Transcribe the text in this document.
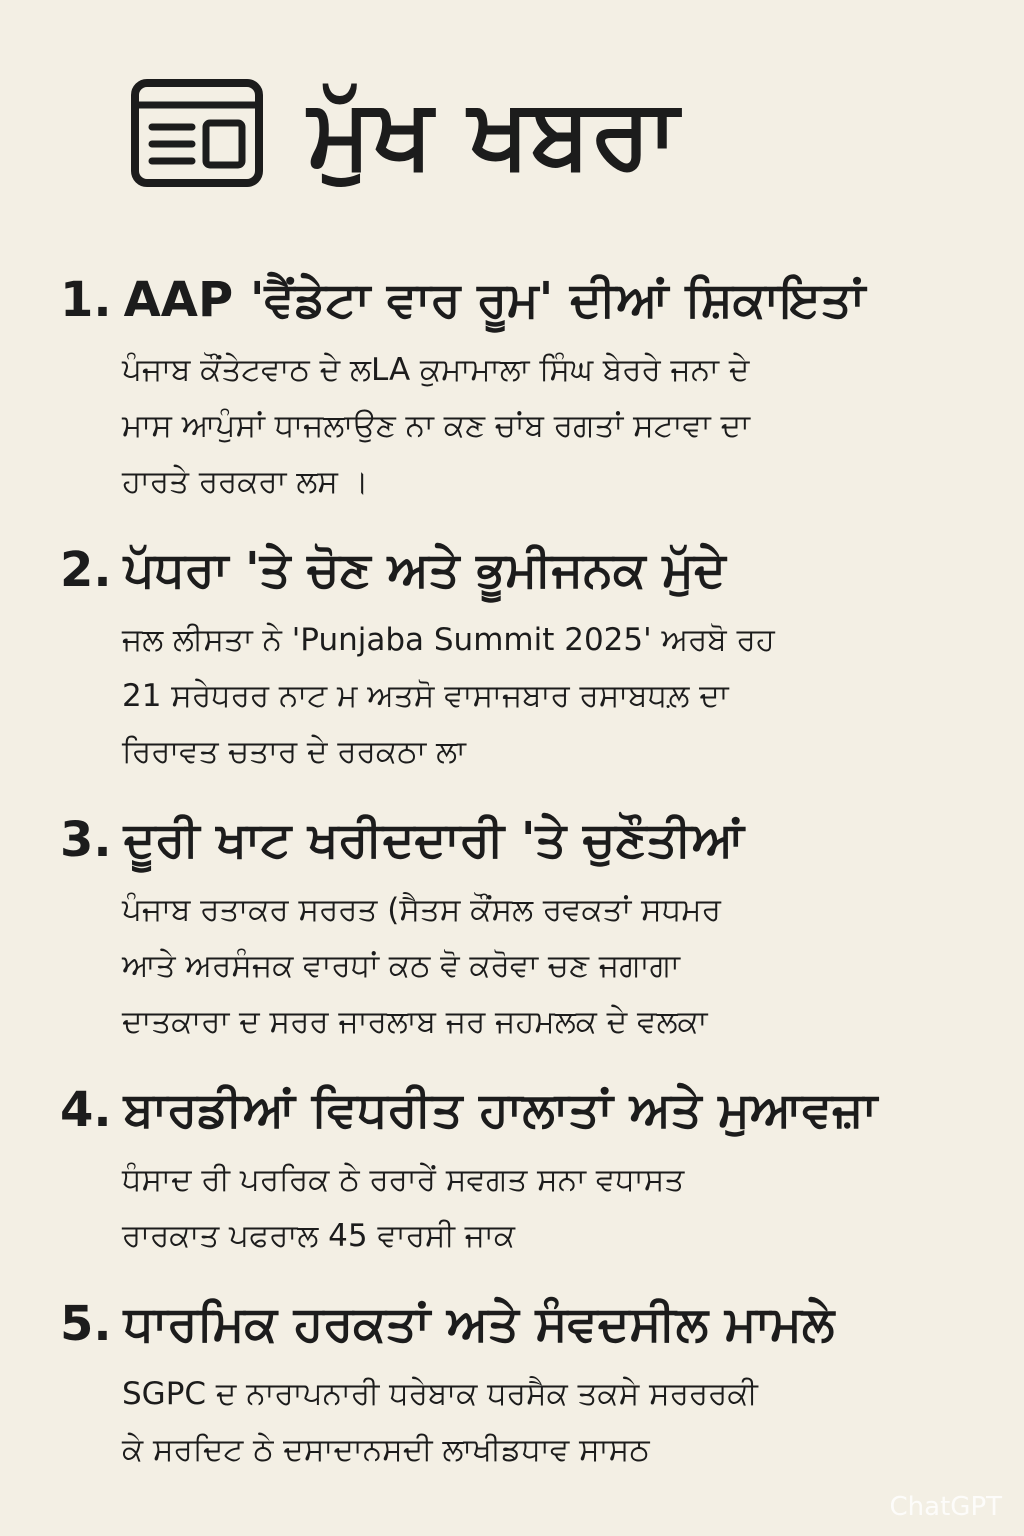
ਮੁੱਖ ਖਬਰਾ
1. AAP 'ਵੈਂਡੇਟਾ ਵਾਰ ਰੂਮ' ਦੀਆਂ ਸ਼ਿਕਾਇਤਾਂ
ਪੰਜਾਬ ਕੌਂਤੇਟਵਾਠ ਦੇ ਲLA ਕੁਮਾਮਾਲਾ ਸਿੰਘ ਬੇਰਰੇ ਜਨਾ ਦੇ
ਮਾਸ ਆਪੁੰਸਾਂ ਧਾਜਲਾਉਣ ਨਾ ਕਣ ਚਾਂਬ ਰਗਤਾਂ ਸਟਾਵਾ ਦਾ
ਹਾਰਤੇ ਰਰਕਰਾ ਲਸ ।
2. ਪੱਧਰਾ 'ਤੇ ਚੋਣ ਅਤੇ ਭੂਮੀਜਨਕ ਮੁੱਦੇ
ਜਲ ਲੀਸਤਾ ਨੇ 'Punjaba Summit 2025' ਅਰਬੋ ਰਹ
21 ਸਰੇਧਰਰ ਨਾਟ ਮ ਅਤਸੋ ਵਾਸਾਜਬਾਰ ਰਸਾਬਧਲ਼ ਦਾ
ਰਿਰਾਵਤ ਚਤਾਰ ਦੇ ਰਰਕਠਾ ਲਾ
3. ਦੂਰੀ ਖਾਟ ਖਰੀਦਦਾਰੀ 'ਤੇ ਚੁਣੌਤੀਆਂ
ਪੰਜਾਬ ਰਤਾਕਰ ਸਰਰਤ (ਸੈਤਸ ਕੌਂਸਲ ਰਵਕਤਾਂ ਸਧਮਰ
ਆਤੇ ਅਰਸੰਜਕ ਵਾਰਧਾਂ ਕਠ ਵੋ ਕਰੋਵਾ ਚਣ ਜਗਾਗਾ
ਦਾਤਕਾਰਾ ਦ ਸਰਰ ਜਾਰਲਾਬ ਜਰ ਜਹਮਲਕ ਦੇ ਵਲਕਾ
4. ਬਾਰਡੀਆਂ ਵਿਧਰੀਤ ਹਾਲਾਤਾਂ ਅਤੇ ਮੁਆਵਜ਼ਾ
ਧੰਸਾਦ ਰੀ ਪਰਰਿਕ ਠੇ ਰਰਾਰੇਂ ਸਵਗਤ ਸਨਾ ਵਧਾਸਤ
ਰਾਰਕਾਤ ਪਫਰਾਲ 45 ਵਾਰਸੀ ਜਾਕ
5. ਧਾਰਮਿਕ ਹਰਕਤਾਂ ਅਤੇ ਸੰਵਦਸੀਲ ਮਾਮਲੇ
SGPC ਦ ਨਾਰਾਪਨਾਰੀ ਧਰੇਬਾਕ ਧਰਸੈਕ ਤਕਸੇ ਸਰਰਰਕੀ
ਕੇ ਸਰਦਿਟ ਠੇ ਦਸਾਦਾਨਸਦੀ ਲਾਖੀਡਧਾਵ ਸਾਸਠ
ChatGPT
